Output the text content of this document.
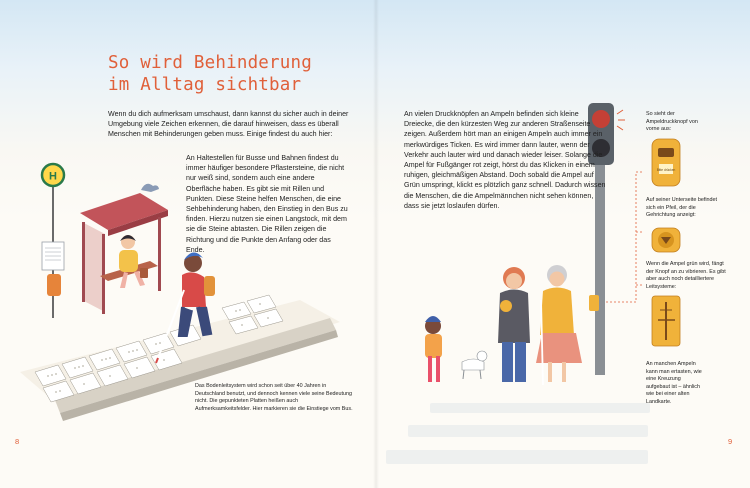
H
Bitte drücken
So wird Behinderung
im Alltag sichtbar

Wenn du dich aufmerksam umschaust, dann kannst du sicher auch in deiner Umgebung viele Zeichen erkennen, die darauf hinweisen, dass es überall Menschen mit Behinderungen geben muss. Einige findest du auch hier:

An Haltestellen für Busse und Bahnen findest du immer häufiger besondere Pflastersteine, die nicht nur weiß sind, sondern auch eine andere Oberfläche haben. Es gibt sie mit Rillen und Punkten. Diese Steine helfen Menschen, die eine Sehbehinderung haben, den Einstieg in den Bus zu finden. Hierzu nutzen sie einen Langstock, mit dem sie die Steine abtasten. Die Rillen zeigen die Richtung und die Punkte den Anfang oder das Ende.

Das Bodenleitsystem wird schon seit über 40 Jahren in Deutschland benutzt, und dennoch kennen viele seine Bedeutung nicht. Die gepunkteten Platten heißen auch Aufmerksamkeitsfelder. Hier markieren sie die Einstiege vom Bus.
8

An vielen Druckknöpfen an Ampeln befinden sich kleine Dreiecke, die den kürzesten Weg zur anderen Straßenseite zeigen. Außerdem hört man an einigen Ampeln auch immer ein merkwürdiges Ticken. Es wird immer dann lauter, wenn der Verkehr auch lauter wird und danach wieder leiser. Solange die Ampel für Fußgänger rot zeigt, hörst du das Klicken in einem ruhigen, gleichmäßigen Abstand. Doch sobald die Ampel auf Grün umspringt, klickt es plötzlich ganz schnell. Dadurch wissen die Menschen, die die Ampelmännchen nicht sehen können, dass sie jetzt loslaufen dürfen.

So sieht der Ampeldruckknopf von vorne aus:
Auf seiner Unterseite befindet sich ein Pfeil, der die Gehrichtung anzeigt:
Wenn die Ampel grün wird, fängt der Knopf an zu vibrieren. Es gibt aber auch noch detailliertere Leitsysteme:
An manchen Ampeln kann man ertasten, wie eine Kreuzung aufgebaut ist – ähnlich wie bei einer alten Landkarte.
9
